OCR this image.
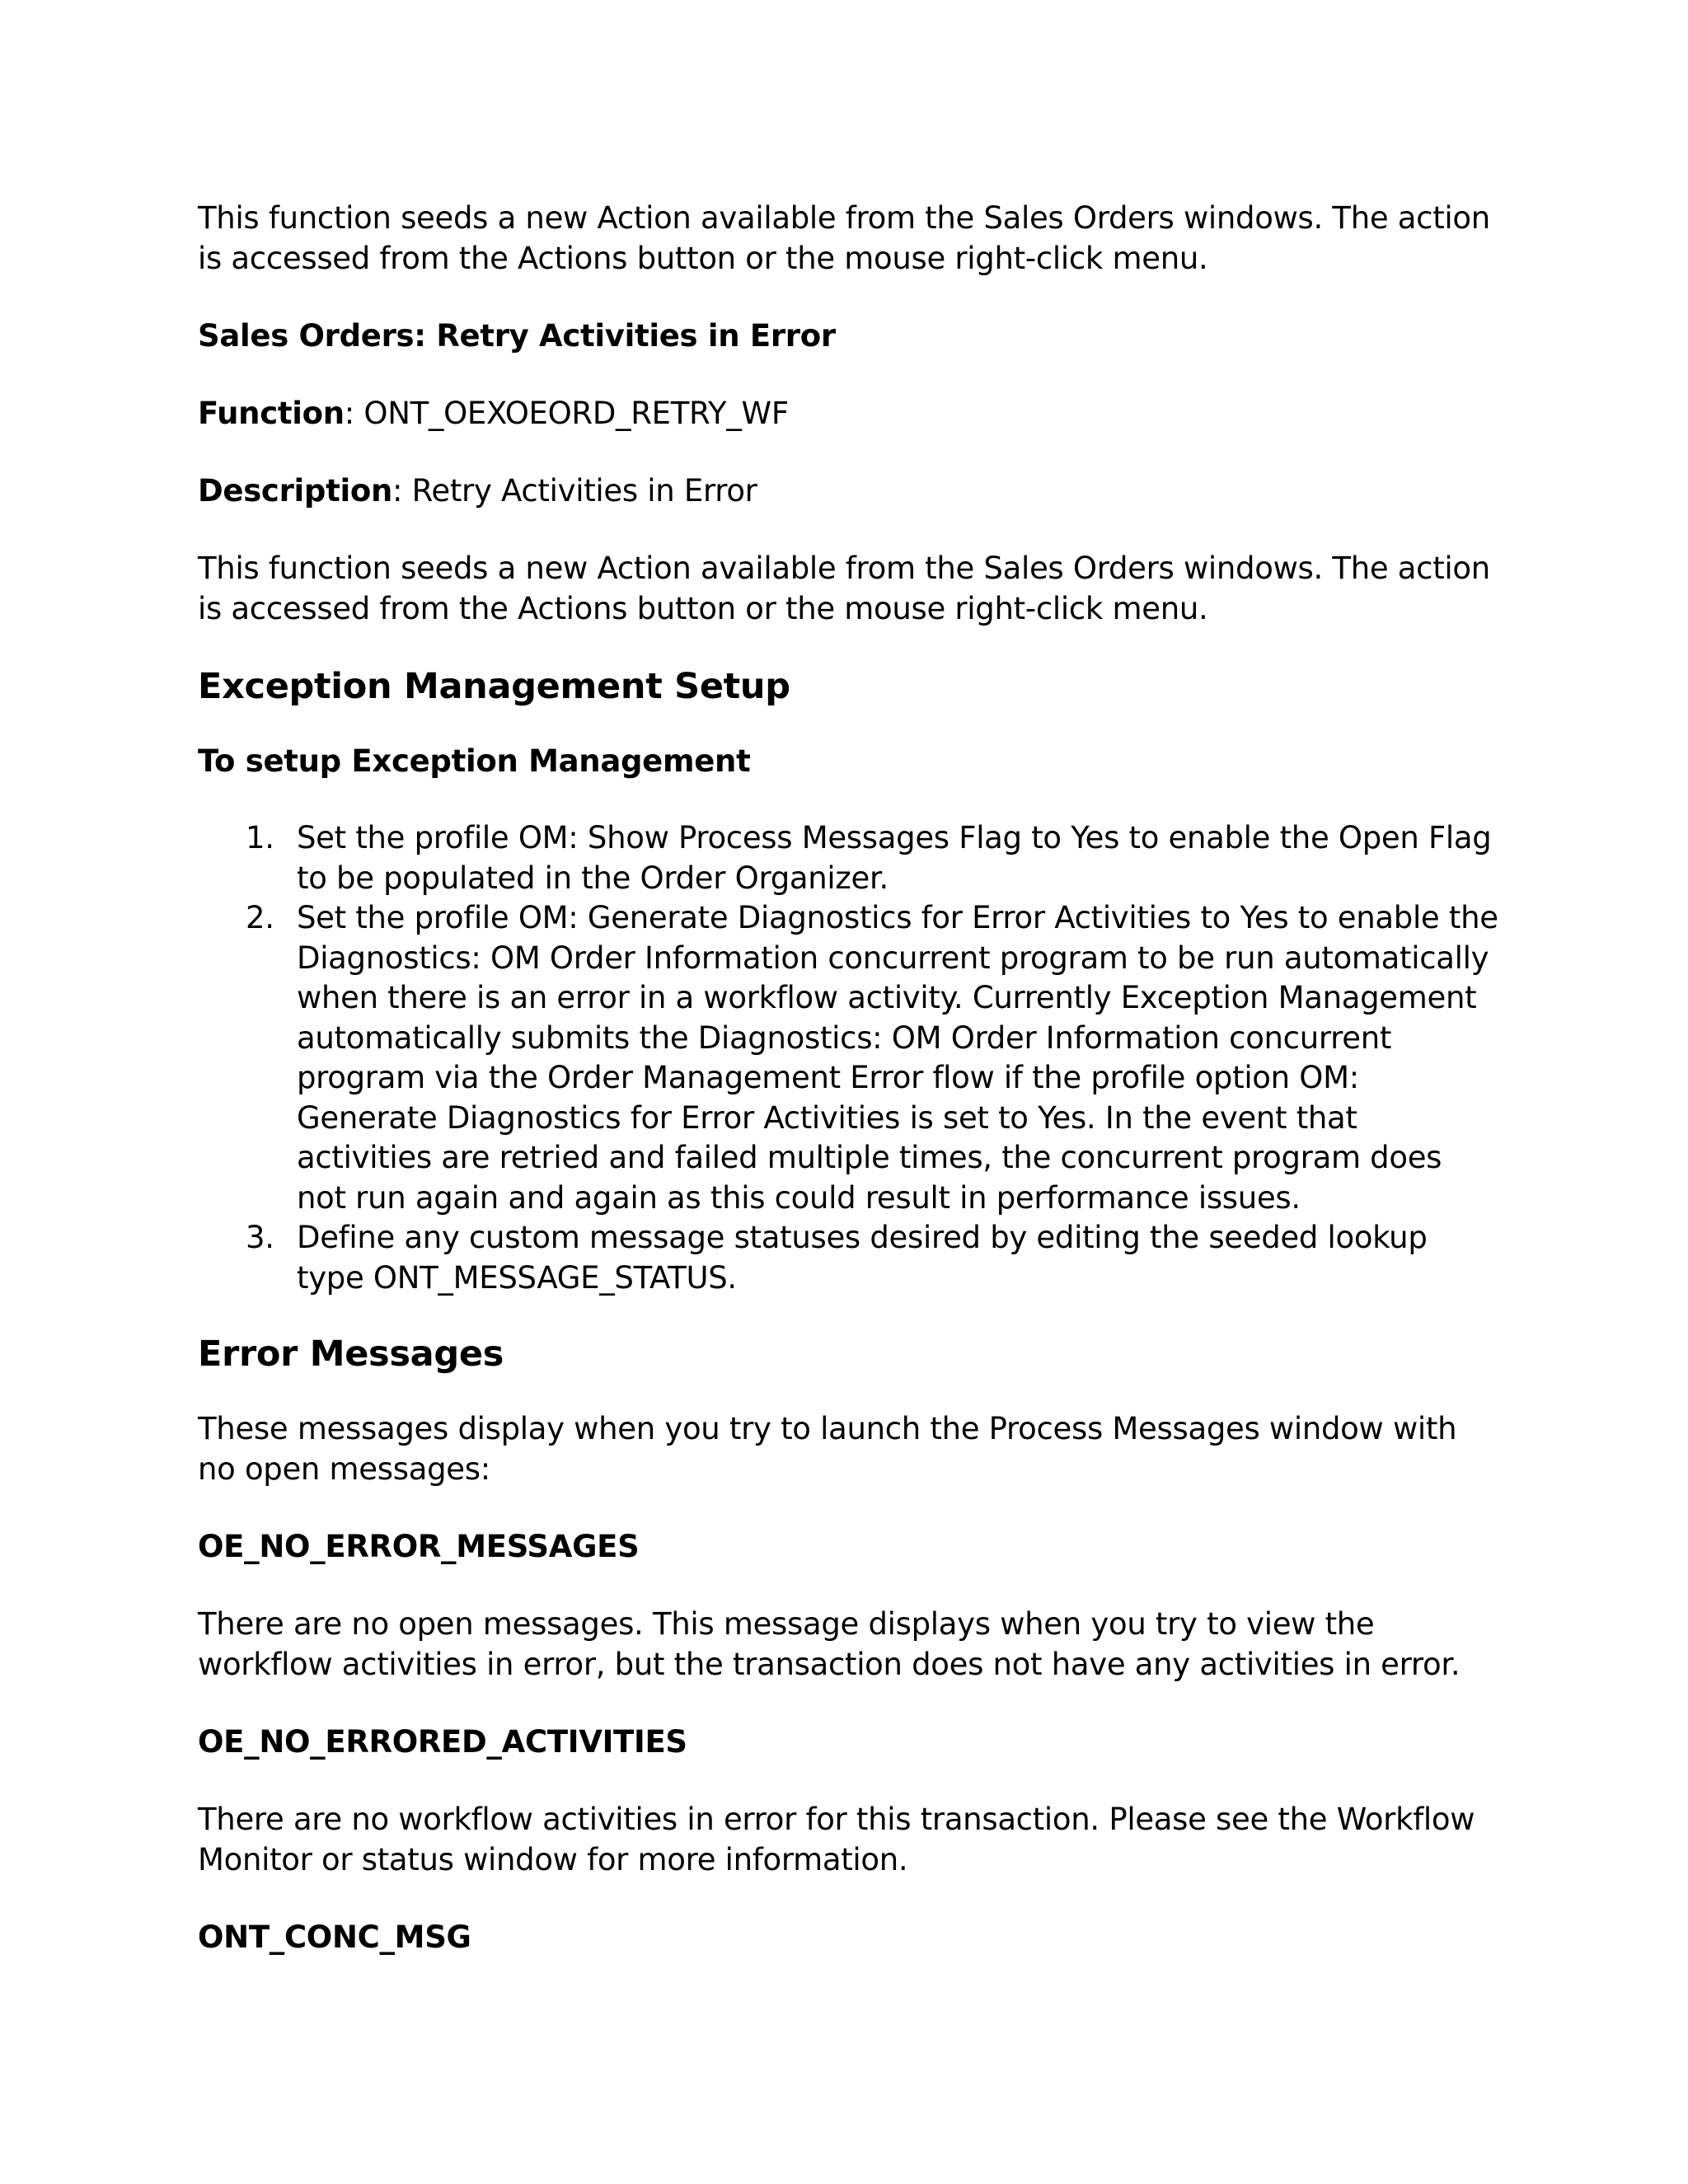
This function seeds a new Action available from the Sales Orders windows. The action is accessed from the Actions button or the mouse right-click menu.

Sales Orders: Retry Activities in Error

Function: ONT_OEXOEORD_RETRY_WF

Description: Retry Activities in Error

This function seeds a new Action available from the Sales Orders windows. The action is accessed from the Actions button or the mouse right-click menu.

Exception Management Setup
To setup Exception Management
1. Set the profile OM: Show Process Messages Flag to Yes to enable the Open Flag to be populated in the Order Organizer.
2. Set the profile OM: Generate Diagnostics for Error Activities to Yes to enable the Diagnostics: OM Order Information concurrent program to be run automatically when there is an error in a workflow activity. Currently Exception Management automatically submits the Diagnostics: OM Order Information concurrent program via the Order Management Error flow if the profile option OM: Generate Diagnostics for Error Activities is set to Yes. In the event that activities are retried and failed multiple times, the concurrent program does not run again and again as this could result in performance issues.
3. Define any custom message statuses desired by editing the seeded lookup type ONT_MESSAGE_STATUS.
Error Messages

These messages display when you try to launch the Process Messages window with no open messages:

OE_NO_ERROR_MESSAGES

There are no open messages. This message displays when you try to view the workflow activities in error, but the transaction does not have any activities in error.

OE_NO_ERRORED_ACTIVITIES

There are no workflow activities in error for this transaction. Please see the Workflow Monitor or status window for more information.

ONT_CONC_MSG
